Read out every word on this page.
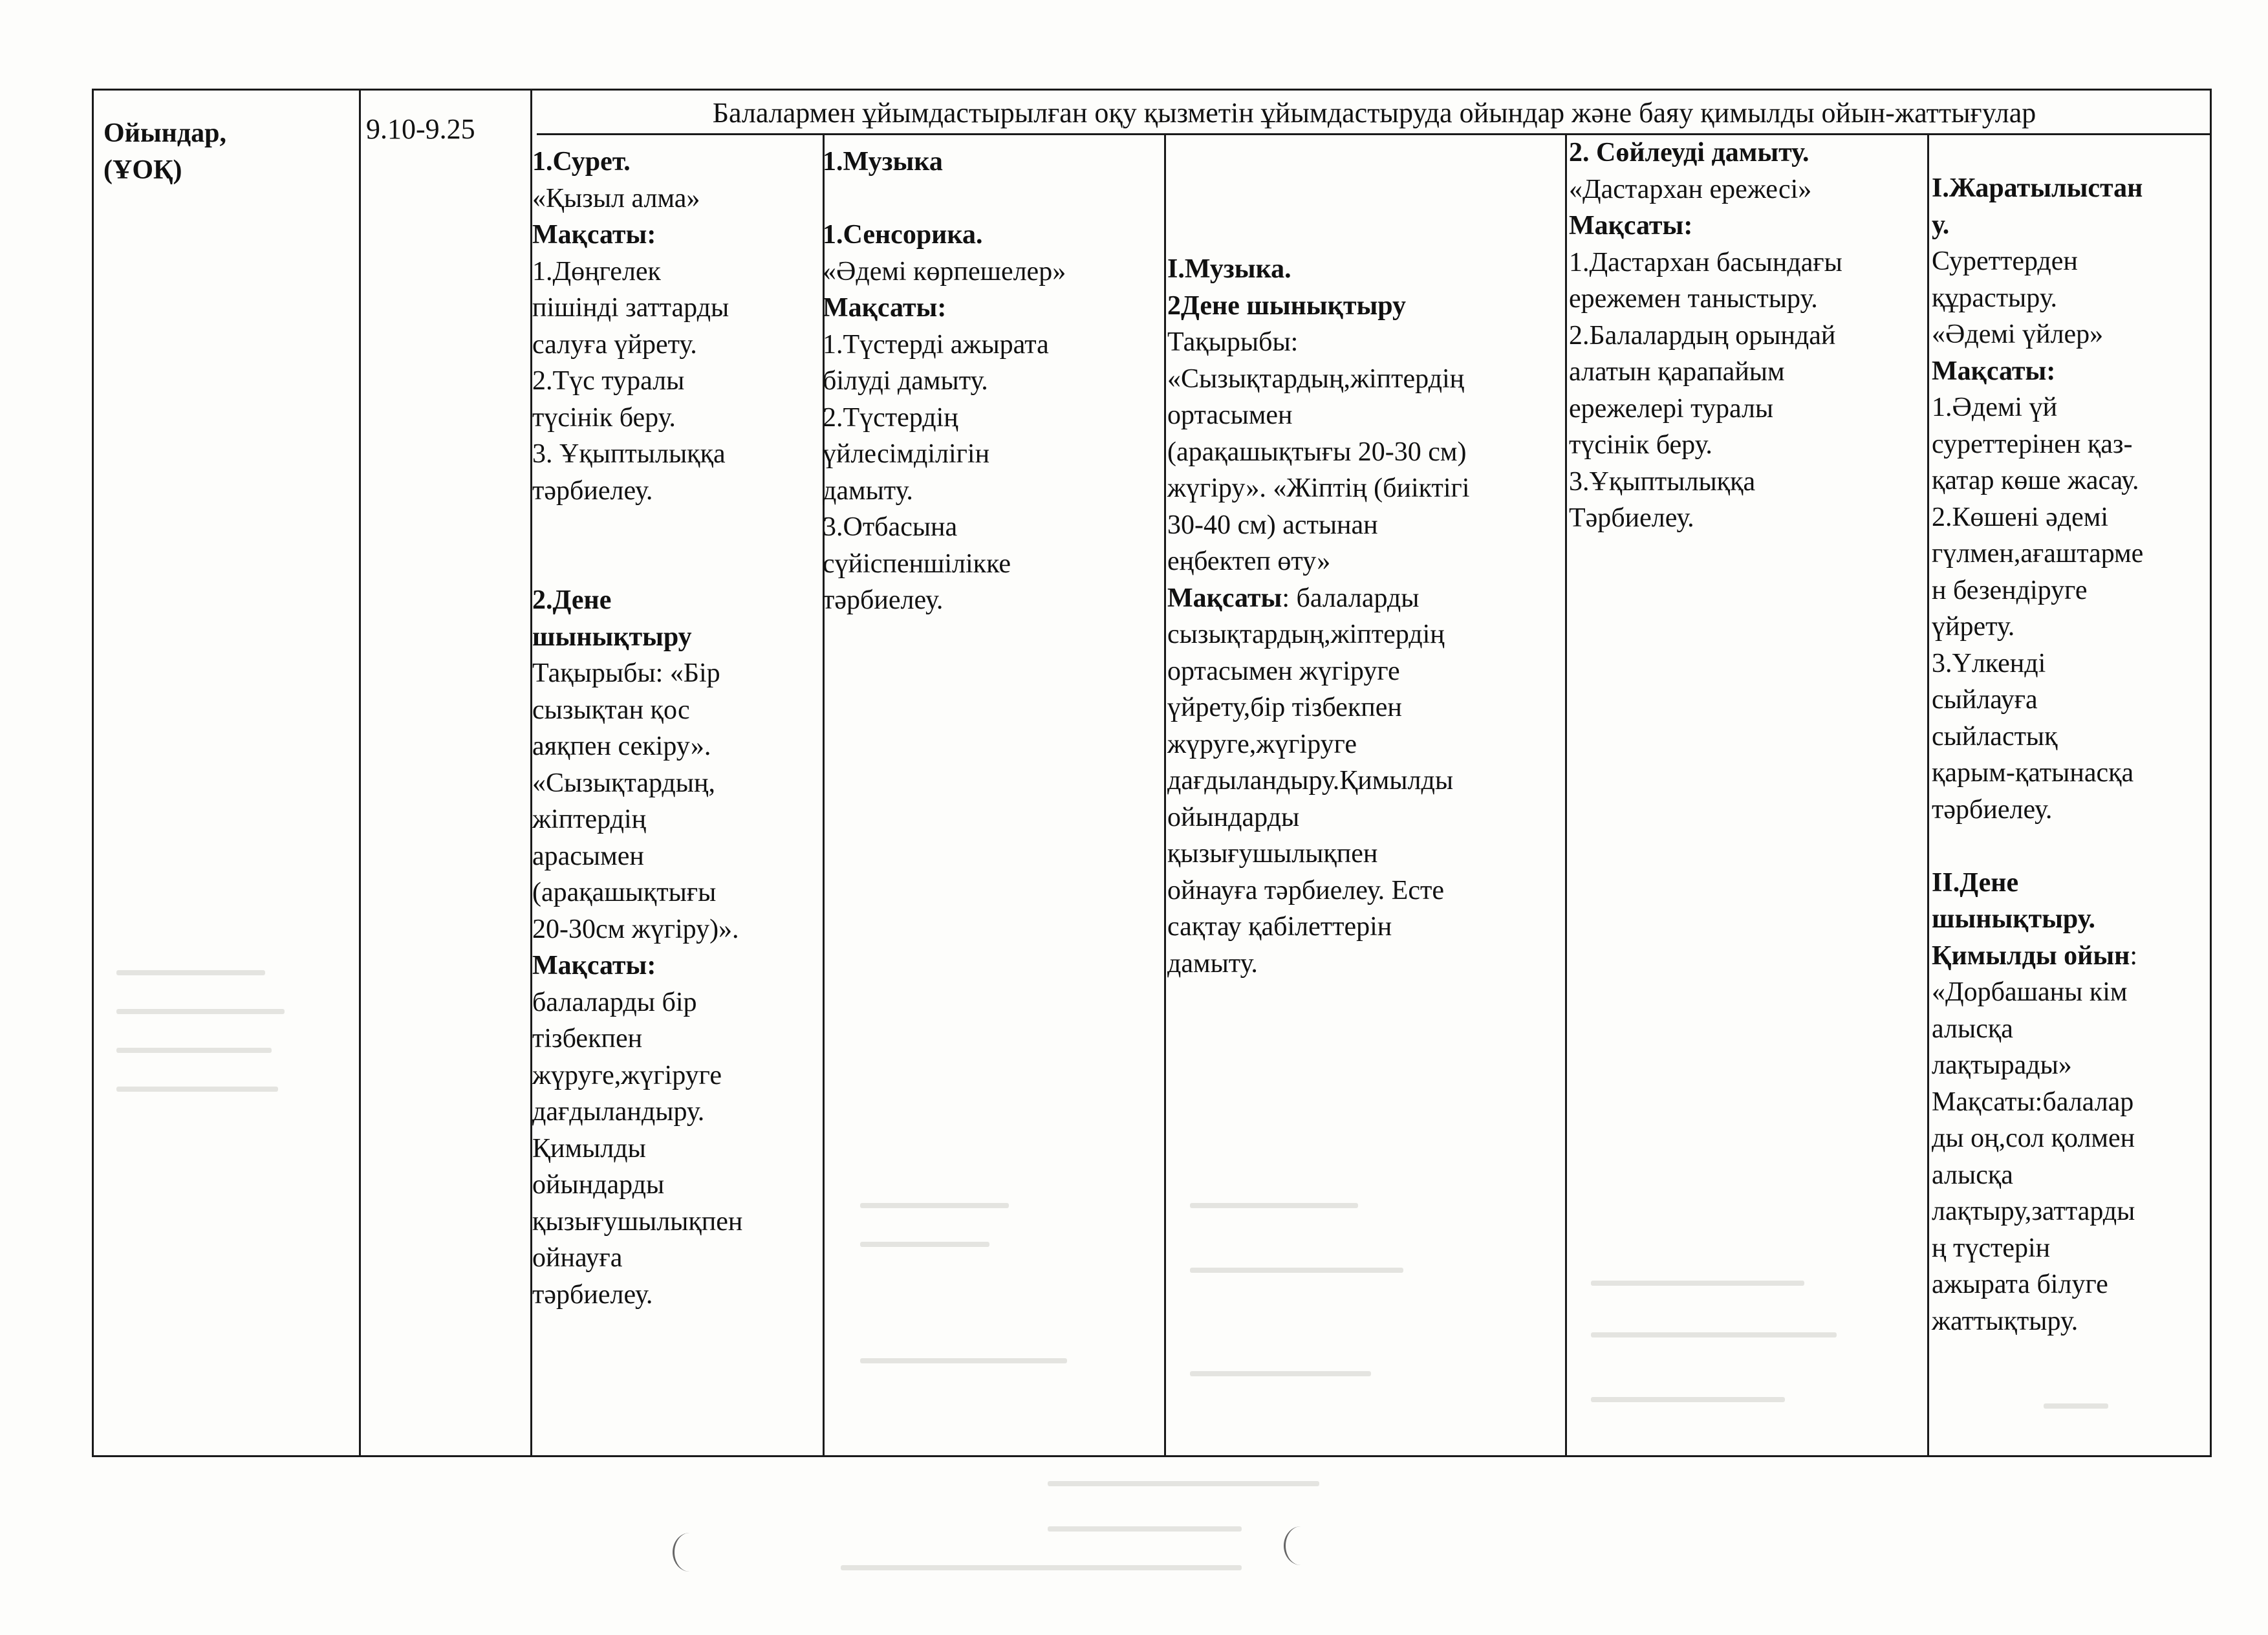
Ойындар,
(ҰОҚ)
9.10-9.25
Балалармен ұйымдастырылған оқу қызметін ұйымдастыруда ойындар және баяу қимылды ойын-жаттығулар
1.Сурет.
«Қызыл алма»
Мақсаты:
1.Дөңгелек
пішінді заттарды
салуға үйрету.
2.Түс туралы
түсінік беру.
3. Ұқыптылыққа
тәрбиелеу.

2.Дене
шынықтыру
Тақырыбы: «Бір
сызықтан қос
аяқпен секіру».
«Сызықтардың,
жіптердің
арасымен
(арақашықтығы
20-30см жүгіру)».
Мақсаты:
балаларды бір
тізбекпен
жүруге,жүгіруге
дағдыландыру.
Қимылды
ойындарды
қызығушылықпен
ойнауға
тәрбиелеу.
1.Музыка

1.Сенсорика.
«Әдемі көрпешелер»
Мақсаты:
1.Түстерді ажырата
білуді дамыту.
2.Түстердің
үйлесімділігін
дамыту.
3.Отбасына
сүйіспеншілікке
тәрбиелеу.
І.Музыка.
2Дене шынықтыру
Тақырыбы:
«Сызықтардың,жіптердің
ортасымен
(арақашықтығы 20-30 см)
жүгіру». «Жіптің (биіктігі
30-40 см) астынан
еңбектеп өту»
Мақсаты: балаларды
сызықтардың,жіптердің
ортасымен жүгіруге
үйрету,бір тізбекпен
жүруге,жүгіруге
дағдыландыру.Қимылды
ойындарды
қызығушылықпен
ойнауға тәрбиелеу. Есте
сақтау қабілеттерін
дамыту.
2. Сөйлеуді дамыту.
«Дастархан ережесі»
Мақсаты:
1.Дастархан басындағы
ережемен таныстыру.
2.Балалардың орындай
алатын қарапайым
ережелері туралы
түсінік беру.
3.Ұқыптылыққа
Тәрбиелеу.
І.Жаратылыстан
у.
Суреттерден
құрастыру.
«Әдемі үйлер»
Мақсаты:
1.Әдемі үй
суреттерінен қаз-
қатар көше жасау.
2.Көшені әдемі
гүлмен,ағаштарме
н безендіруге
үйрету.
3.Үлкенді
сыйлауға
сыйластық
қарым-қатынасқа
тәрбиелеу.

ІІ.Дене
шынықтыру.
Қимылды ойын:
«Дорбашаны кім
алысқа
лақтырады»
Мақсаты:балалар
ды оң,сол қолмен
алысқа
лақтыру,заттарды
ң түстерін
ажырата білуге
жаттықтыру.
